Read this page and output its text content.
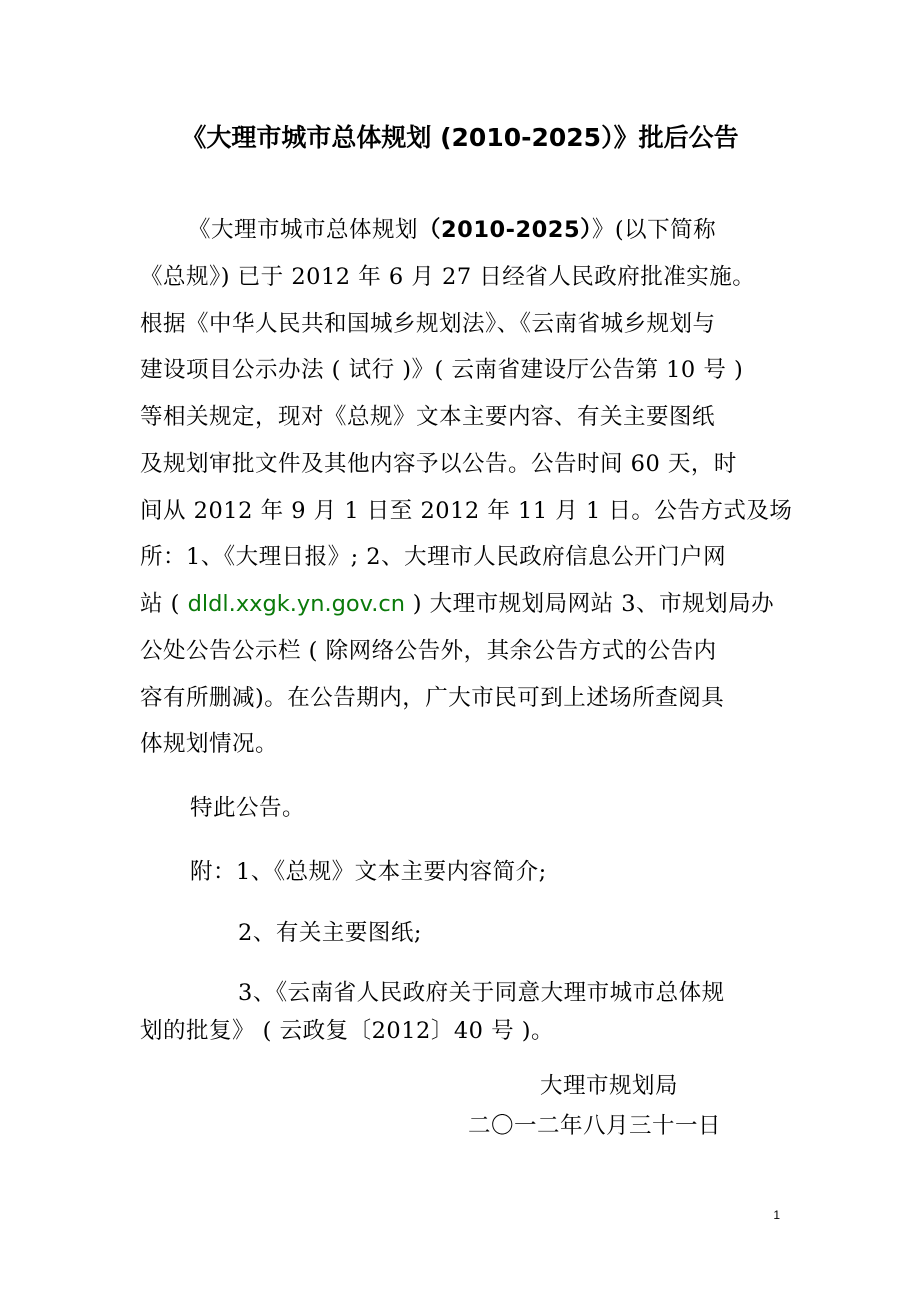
《大理市城市总体规划 (2010-2025）》批后公告
《大理市城市总体规划（2010-2025）》(以下简称
《总规》) 已于 2012 年 6 月 27 日经省人民政府批准实施。
根据《中华人民共和国城乡规划法》、《云南省城乡规划与
建设项目公示办法 ( 试行 )》( 云南省建设厅公告第 10 号 )
等相关规定，现对《总规》文本主要内容、有关主要图纸
及规划审批文件及其他内容予以公告。公告时间 60 天，时
间从 2012 年 9 月 1 日至 2012 年 11 月 1 日。公告方式及场
所：1、《大理日报》; 2、大理市人民政府信息公开门户网
站 ( dldl.xxgk.yn.gov.cn ) 大理市规划局网站 3、市规划局办
公处公告公示栏 ( 除网络公告外，其余公告方式的公告内
容有所删减)。在公告期内，广大市民可到上述场所查阅具
体规划情况。
特此公告。
附：1、《总规》文本主要内容简介;
2、有关主要图纸;
3、《云南省人民政府关于同意大理市城市总体规
划的批复》 ( 云政复〔2012〕40 号 )。
大理市规划局
二〇一二年八月三十一日
1
